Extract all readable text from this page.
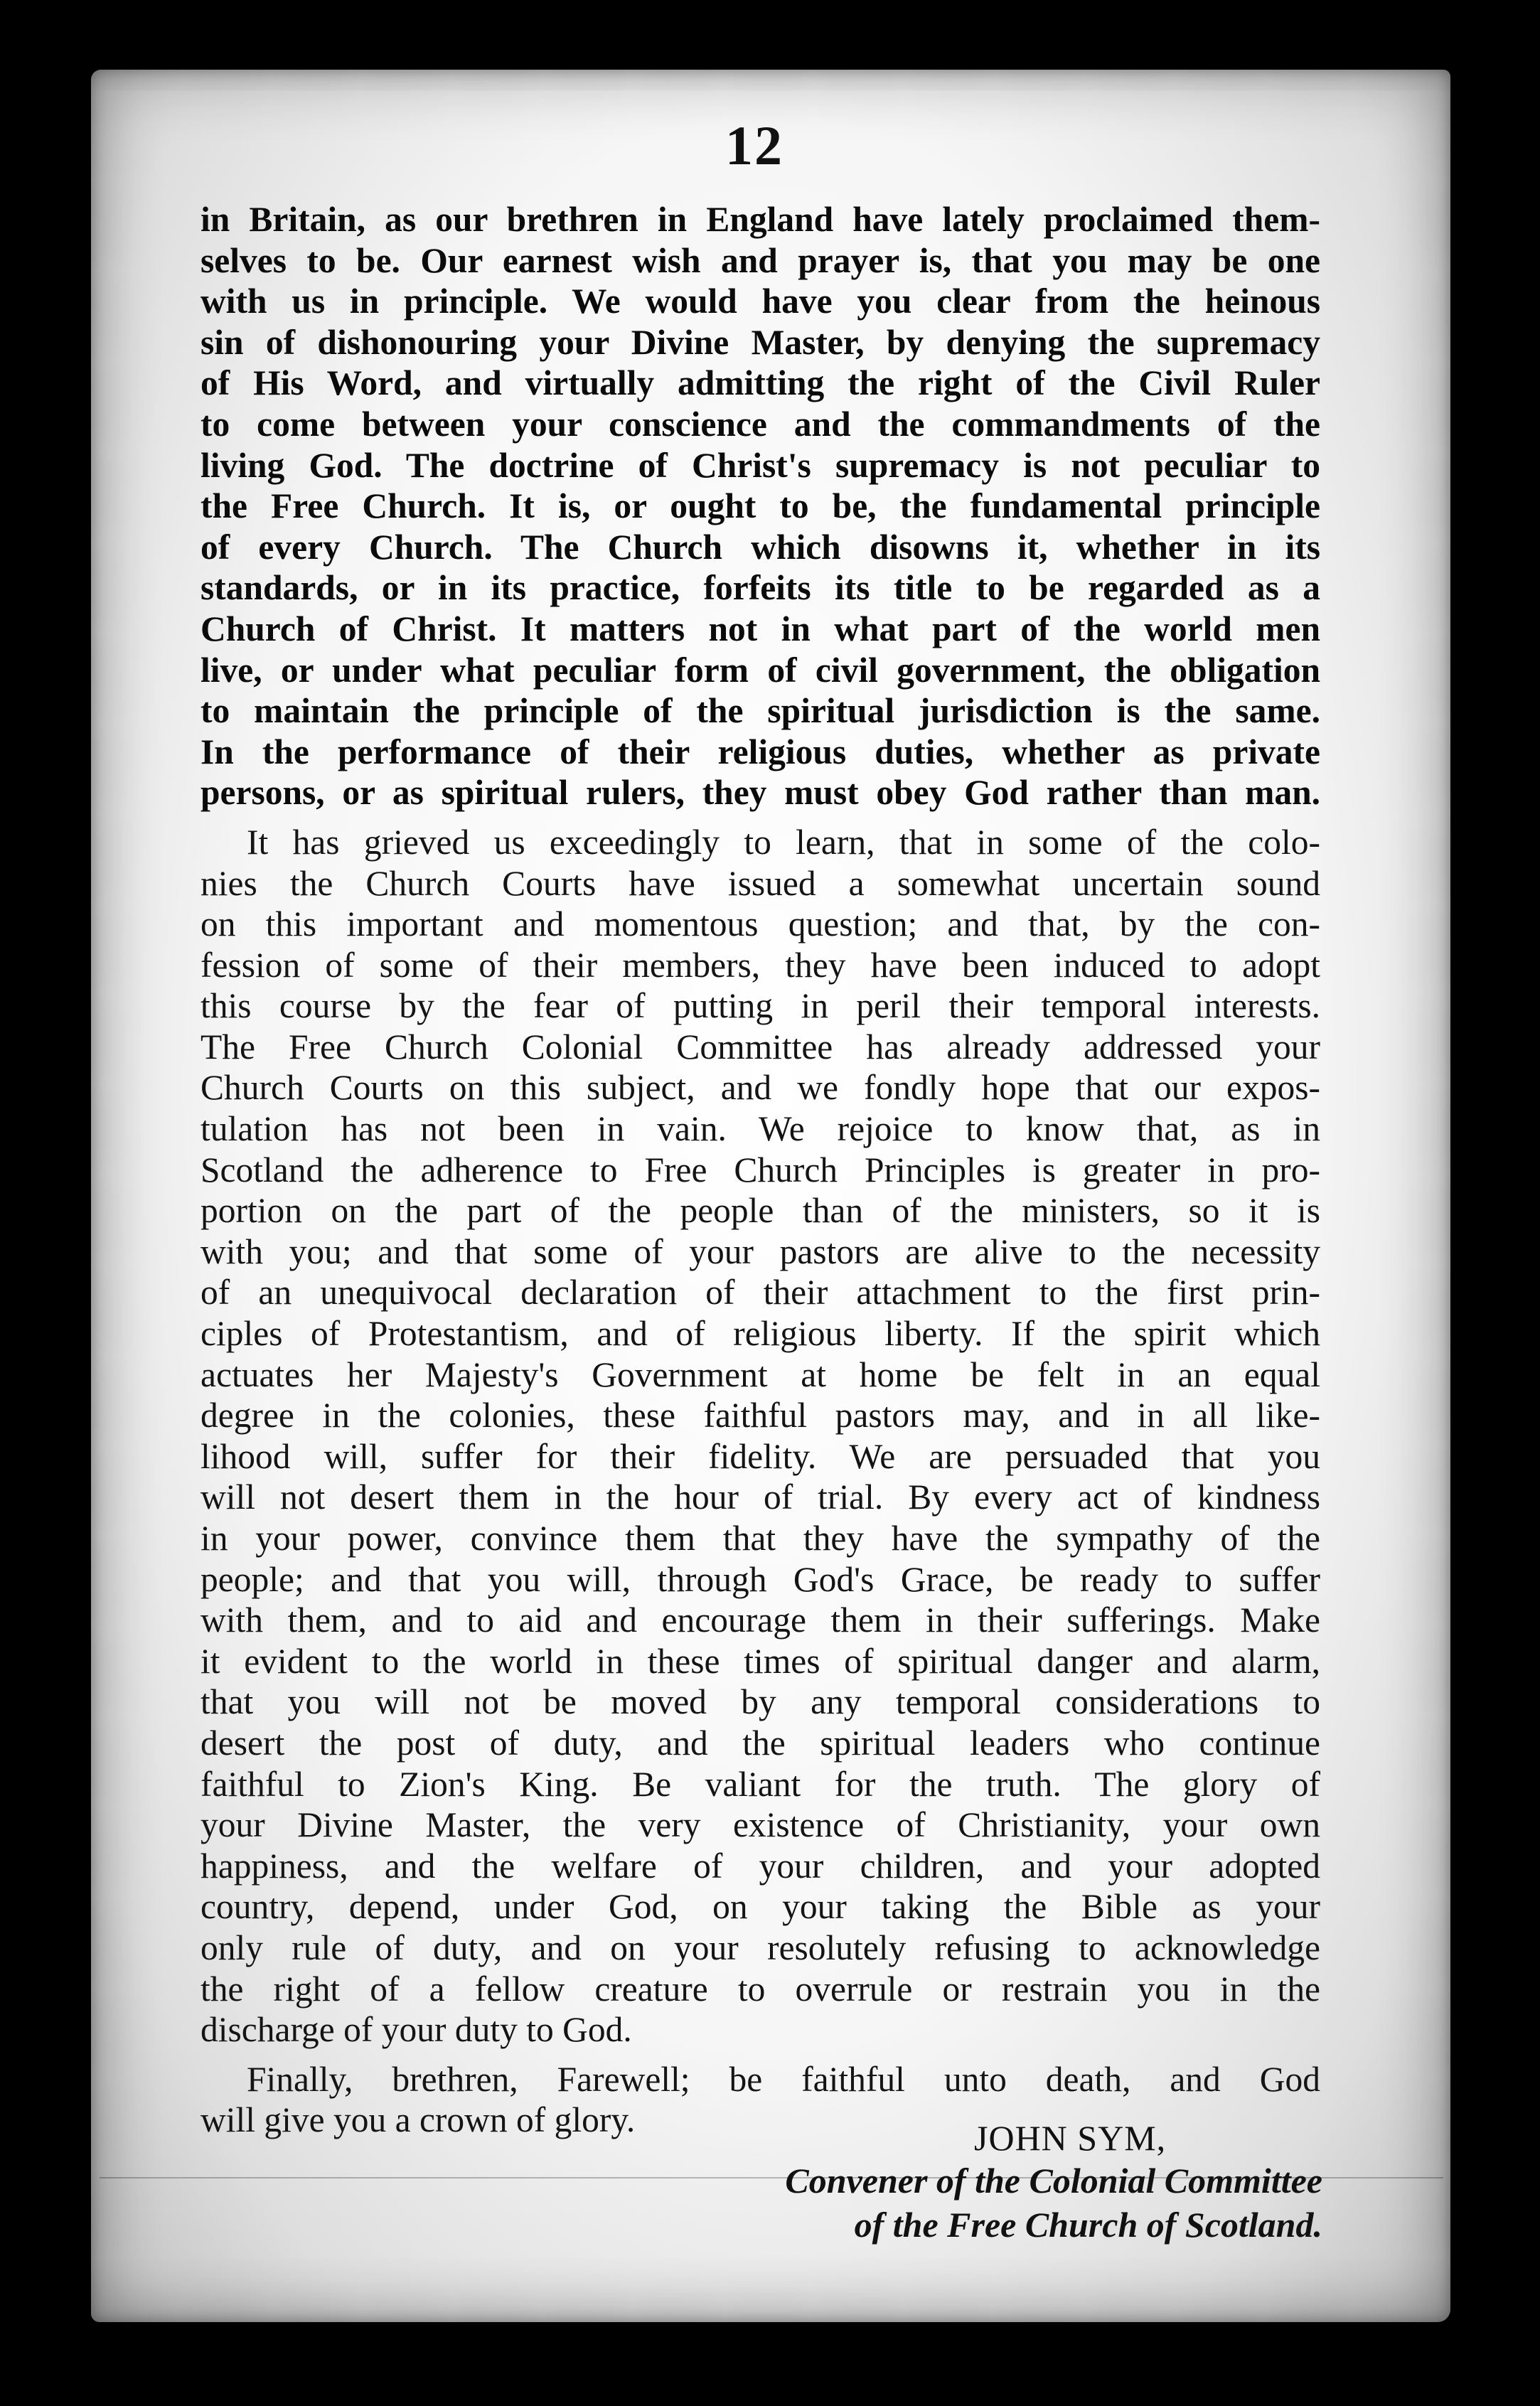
12
in Britain, as our brethren in England have lately proclaimed them-
selves to be. Our earnest wish and prayer is, that you may be one
with us in principle. We would have you clear from the heinous
sin of dishonouring your Divine Master, by denying the supremacy
of His Word, and virtually admitting the right of the Civil Ruler
to come between your conscience and the commandments of the
living God. The doctrine of Christ's supremacy is not peculiar to
the Free Church. It is, or ought to be, the fundamental principle
of every Church. The Church which disowns it, whether in its
standards, or in its practice, forfeits its title to be regarded as a
Church of Christ. It matters not in what part of the world men
live, or under what peculiar form of civil government, the obligation
to maintain the principle of the spiritual jurisdiction is the same.
In the performance of their religious duties, whether as private
persons, or as spiritual rulers, they must obey God rather than man.
It has grieved us exceedingly to learn, that in some of the colo-
nies the Church Courts have issued a somewhat uncertain sound
on this important and momentous question; and that, by the con-
fession of some of their members, they have been induced to adopt
this course by the fear of putting in peril their temporal interests.
The Free Church Colonial Committee has already addressed your
Church Courts on this subject, and we fondly hope that our expos-
tulation has not been in vain. We rejoice to know that, as in
Scotland the adherence to Free Church Principles is greater in pro-
portion on the part of the people than of the ministers, so it is
with you; and that some of your pastors are alive to the necessity
of an unequivocal declaration of their attachment to the first prin-
ciples of Protestantism, and of religious liberty. If the spirit which
actuates her Majesty's Government at home be felt in an equal
degree in the colonies, these faithful pastors may, and in all like-
lihood will, suffer for their fidelity. We are persuaded that you
will not desert them in the hour of trial. By every act of kindness
in your power, convince them that they have the sympathy of the
people; and that you will, through God's Grace, be ready to suffer
with them, and to aid and encourage them in their sufferings. Make
it evident to the world in these times of spiritual danger and alarm,
that you will not be moved by any temporal considerations to
desert the post of duty, and the spiritual leaders who continue
faithful to Zion's King. Be valiant for the truth. The glory of
your Divine Master, the very existence of Christianity, your own
happiness, and the welfare of your children, and your adopted
country, depend, under God, on your taking the Bible as your
only rule of duty, and on your resolutely refusing to acknowledge
the right of a fellow creature to overrule or restrain you in the
discharge of your duty to God.
Finally, brethren, Farewell; be faithful unto death, and God
will give you a crown of glory.	JOHN SYM,
Convener of the Colonial Committee
of the Free Church of Scotland.
